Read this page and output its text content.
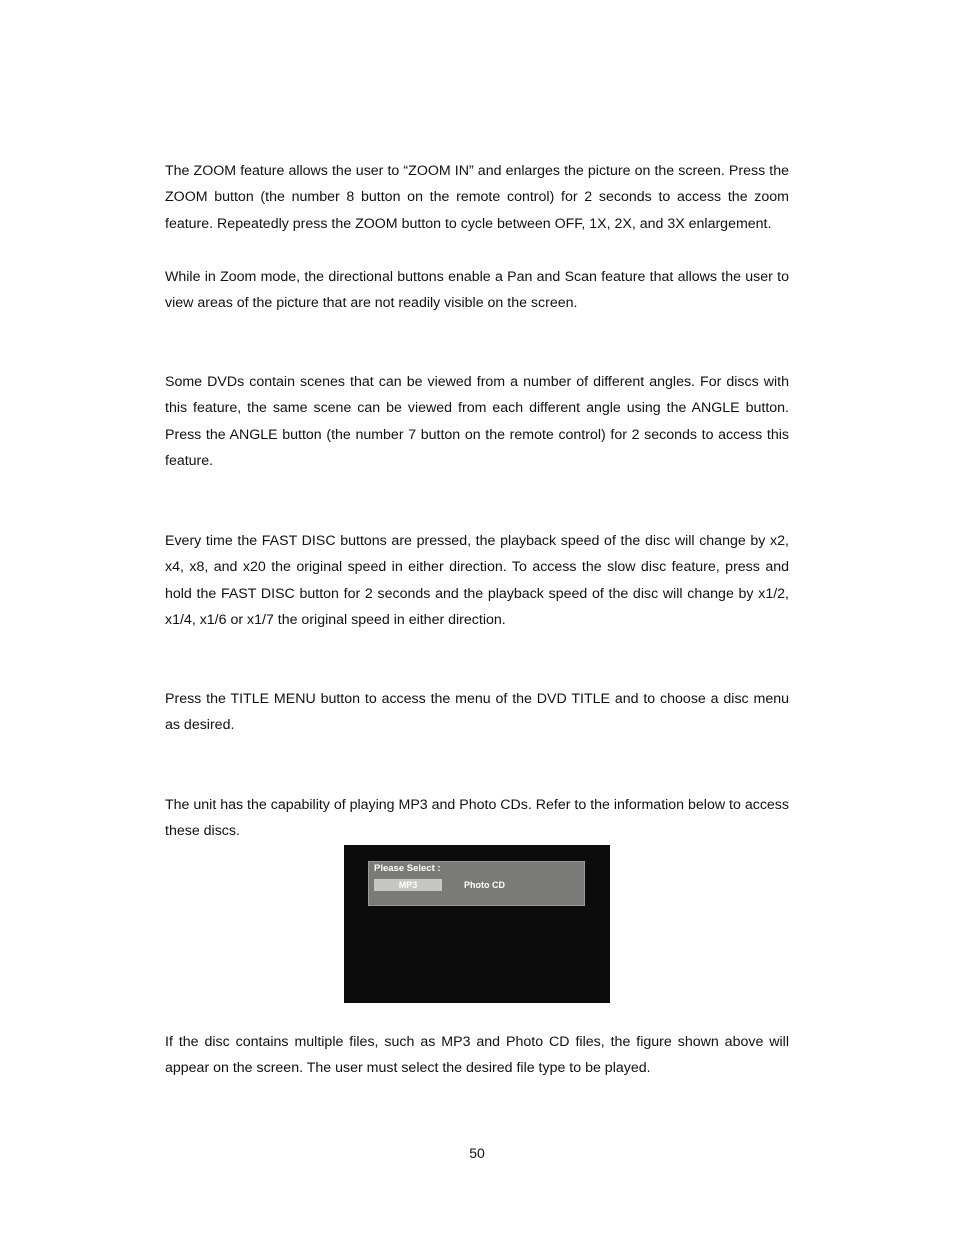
The ZOOM feature allows the user to “ZOOM IN” and enlarges the picture on the screen. Press the ZOOM button (the number 8 button on the remote control) for 2 seconds to access the zoom feature. Repeatedly press the ZOOM button to cycle between OFF, 1X, 2X, and 3X enlargement.

While in Zoom mode, the directional buttons enable a Pan and Scan feature that allows the user to view areas of the picture that are not readily visible on the screen.

Some DVDs contain scenes that can be viewed from a number of different angles. For discs with this feature, the same scene can be viewed from each different angle using the ANGLE button. Press the ANGLE button (the number 7 button on the remote control) for 2 seconds to access this feature.

Every time the FAST DISC buttons are pressed, the playback speed of the disc will change by x2, x4, x8, and x20 the original speed in either direction. To access the slow disc feature, press and hold the FAST DISC button for 2 seconds and the playback speed of the disc will change by x1/2, x1/4, x1/6 or x1/7 the original speed in either direction.

Press the TITLE MENU button to access the menu of the DVD TITLE and to choose a disc menu as desired.

The unit has the capability of playing MP3 and Photo CDs. Refer to the information below to access these discs.

Please Select :
MP3	Photo CD

If the disc contains multiple files, such as MP3 and Photo CD files, the figure shown above will appear on the screen. The user must select the desired file type to be played.

50
